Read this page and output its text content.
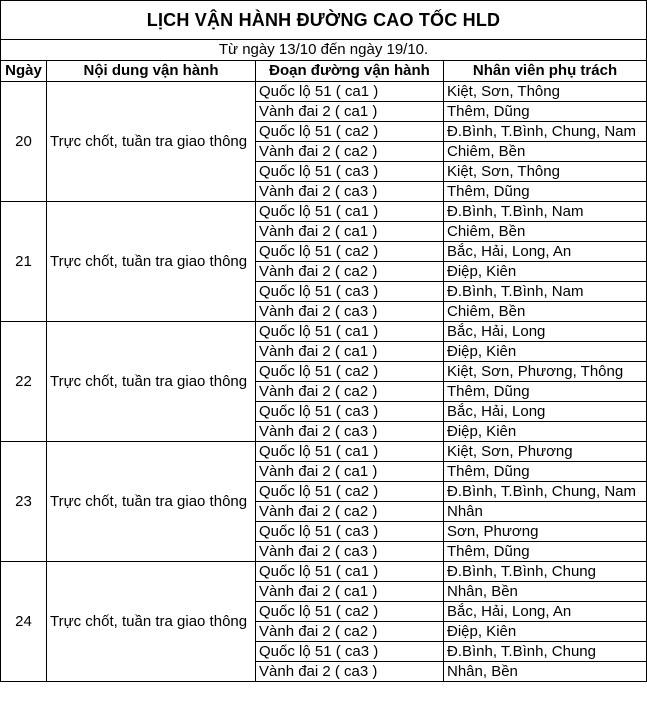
LỊCH VẬN HÀNH ĐƯỜNG CAO TỐC HLD			
Từ ngày 13/10 đến ngày 19/10.			
Ngày	Nội dung vận hành	Đoạn đường vận hành	Nhân viên phụ trách
20	Trực chốt, tuần tra giao thông	Quốc lộ 51 ( ca1 )	Kiệt, Sơn, Thông
		Vành đai 2 ( ca1 )	Thêm, Dũng
		Quốc lộ 51 ( ca2 )	Đ.Bình, T.Bình, Chung, Nam
		Vành đai 2 ( ca2 )	Chiêm, Bền
		Quốc lộ 51 ( ca3 )	Kiệt, Sơn, Thông
		Vành đai 2 ( ca3 )	Thêm, Dũng
21	Trực chốt, tuần tra giao thông	Quốc lộ 51 ( ca1 )	Đ.Bình, T.Bình, Nam
		Vành đai 2 ( ca1 )	Chiêm, Bền
		Quốc lộ 51 ( ca2 )	Bắc, Hải, Long, An
		Vành đai 2 ( ca2 )	Điệp, Kiên
		Quốc lộ 51 ( ca3 )	Đ.Bình, T.Bình, Nam
		Vành đai 2 ( ca3 )	Chiêm, Bền
22	Trực chốt, tuần tra giao thông	Quốc lộ 51 ( ca1 )	Bắc, Hải, Long
		Vành đai 2 ( ca1 )	Điệp, Kiên
		Quốc lộ 51 ( ca2 )	Kiệt, Sơn, Phương, Thông
		Vành đai 2 ( ca2 )	Thêm, Dũng
		Quốc lộ 51 ( ca3 )	Bắc, Hải, Long
		Vành đai 2 ( ca3 )	Điệp, Kiên
23	Trực chốt, tuần tra giao thông	Quốc lộ 51 ( ca1 )	Kiệt, Sơn, Phương
		Vành đai 2 ( ca1 )	Thêm, Dũng
		Quốc lộ 51 ( ca2 )	Đ.Bình, T.Bình, Chung, Nam
		Vành đai 2 ( ca2 )	Nhân
		Quốc lộ 51 ( ca3 )	Sơn, Phương
		Vành đai 2 ( ca3 )	Thêm, Dũng
24	Trực chốt, tuần tra giao thông	Quốc lộ 51 ( ca1 )	Đ.Bình, T.Bình, Chung
		Vành đai 2 ( ca1 )	Nhân, Bền
		Quốc lộ 51 ( ca2 )	Bắc, Hải, Long, An
		Vành đai 2 ( ca2 )	Điệp, Kiên
		Quốc lộ 51 ( ca3 )	Đ.Bình, T.Bình, Chung
		Vành đai 2 ( ca3 )	Nhân, Bền
